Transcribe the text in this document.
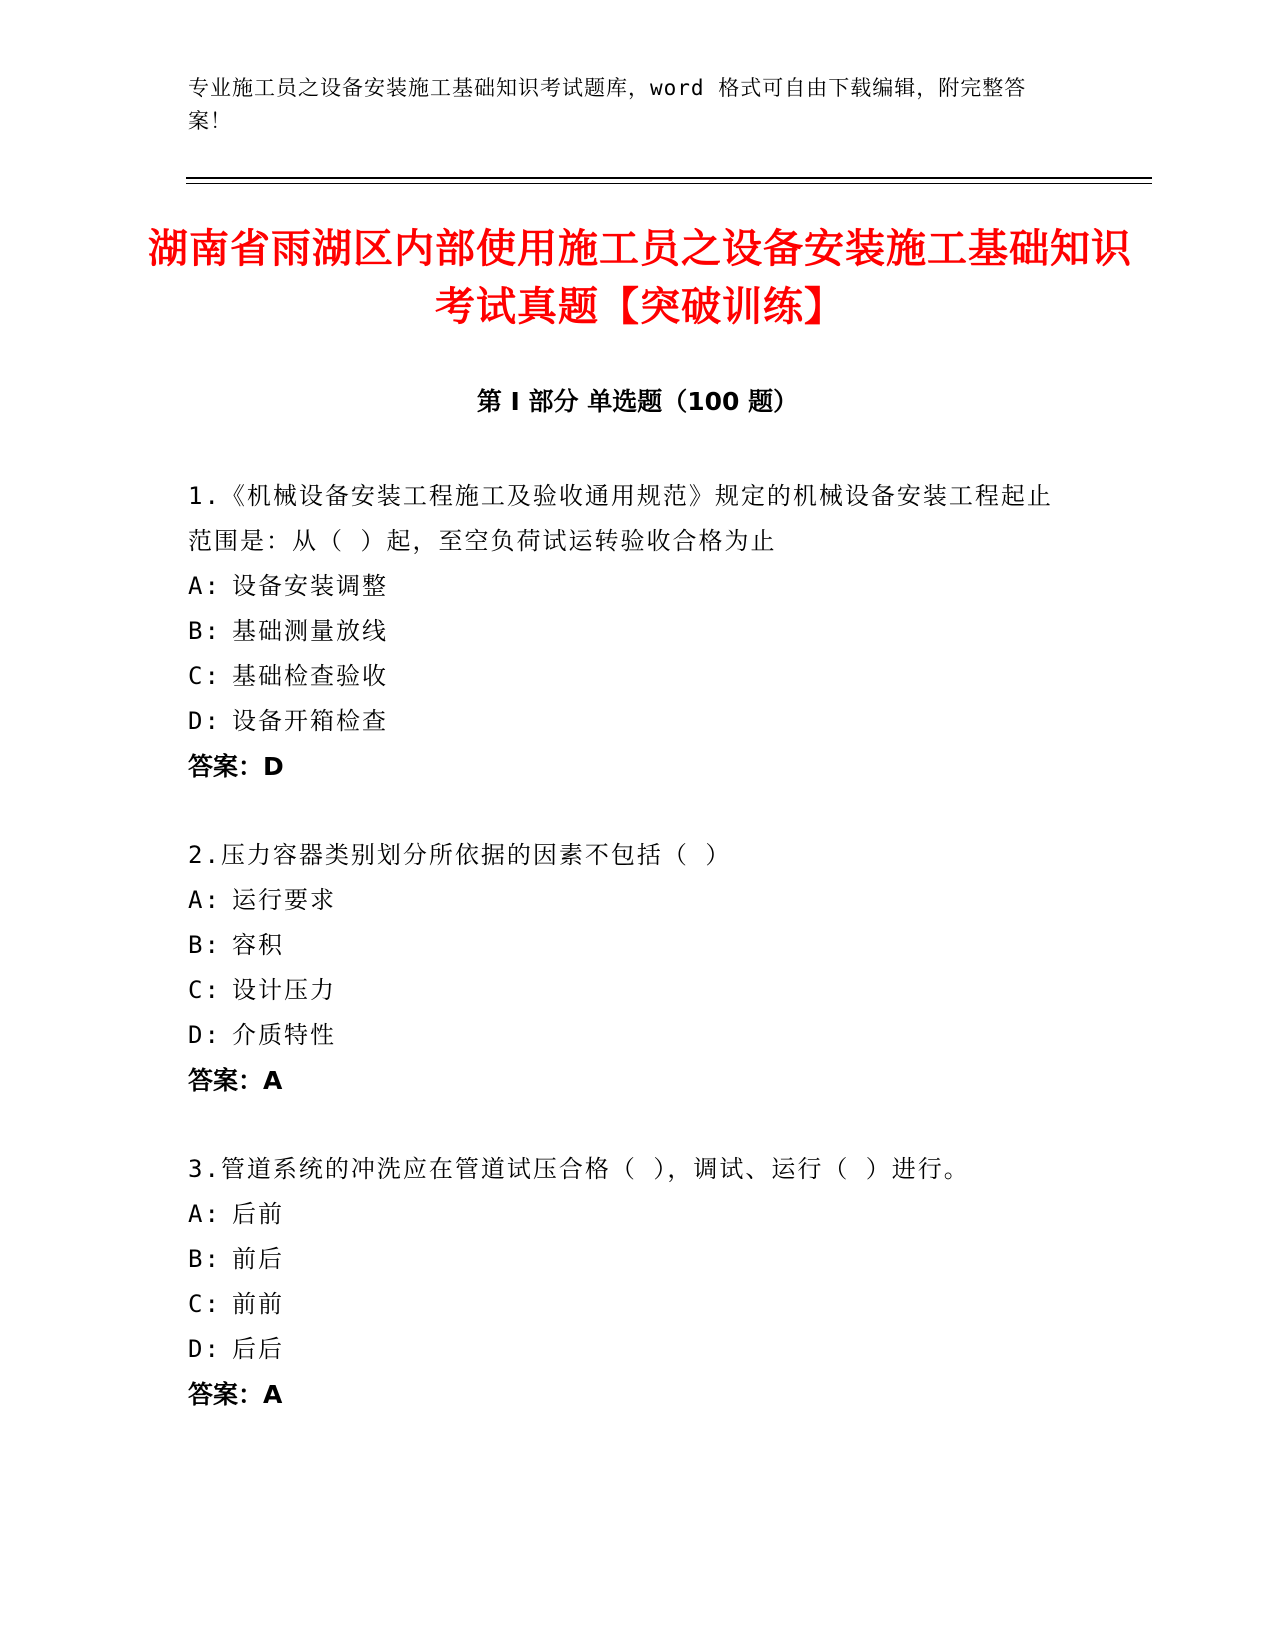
专业施工员之设备安装施工基础知识考试题库，word 格式可自由下载编辑，附完整答案！
湖南省雨湖区内部使用施工员之设备安装施工基础知识考试真题【突破训练】
第 I 部分 单选题（100 题）
1.《机械设备安装工程施工及验收通用规范》规定的机械设备安装工程起止范围是：从（ ）起，至空负荷试运转验收合格为止
A: 设备安装调整
B: 基础测量放线
C: 基础检查验收
D: 设备开箱检查
答案：D
2.压力容器类别划分所依据的因素不包括（ ）
A: 运行要求
B: 容积
C: 设计压力
D: 介质特性
答案：A
3.管道系统的冲洗应在管道试压合格（ ），调试、运行（ ）进行。
A: 后前
B: 前后
C: 前前
D: 后后
答案：A
